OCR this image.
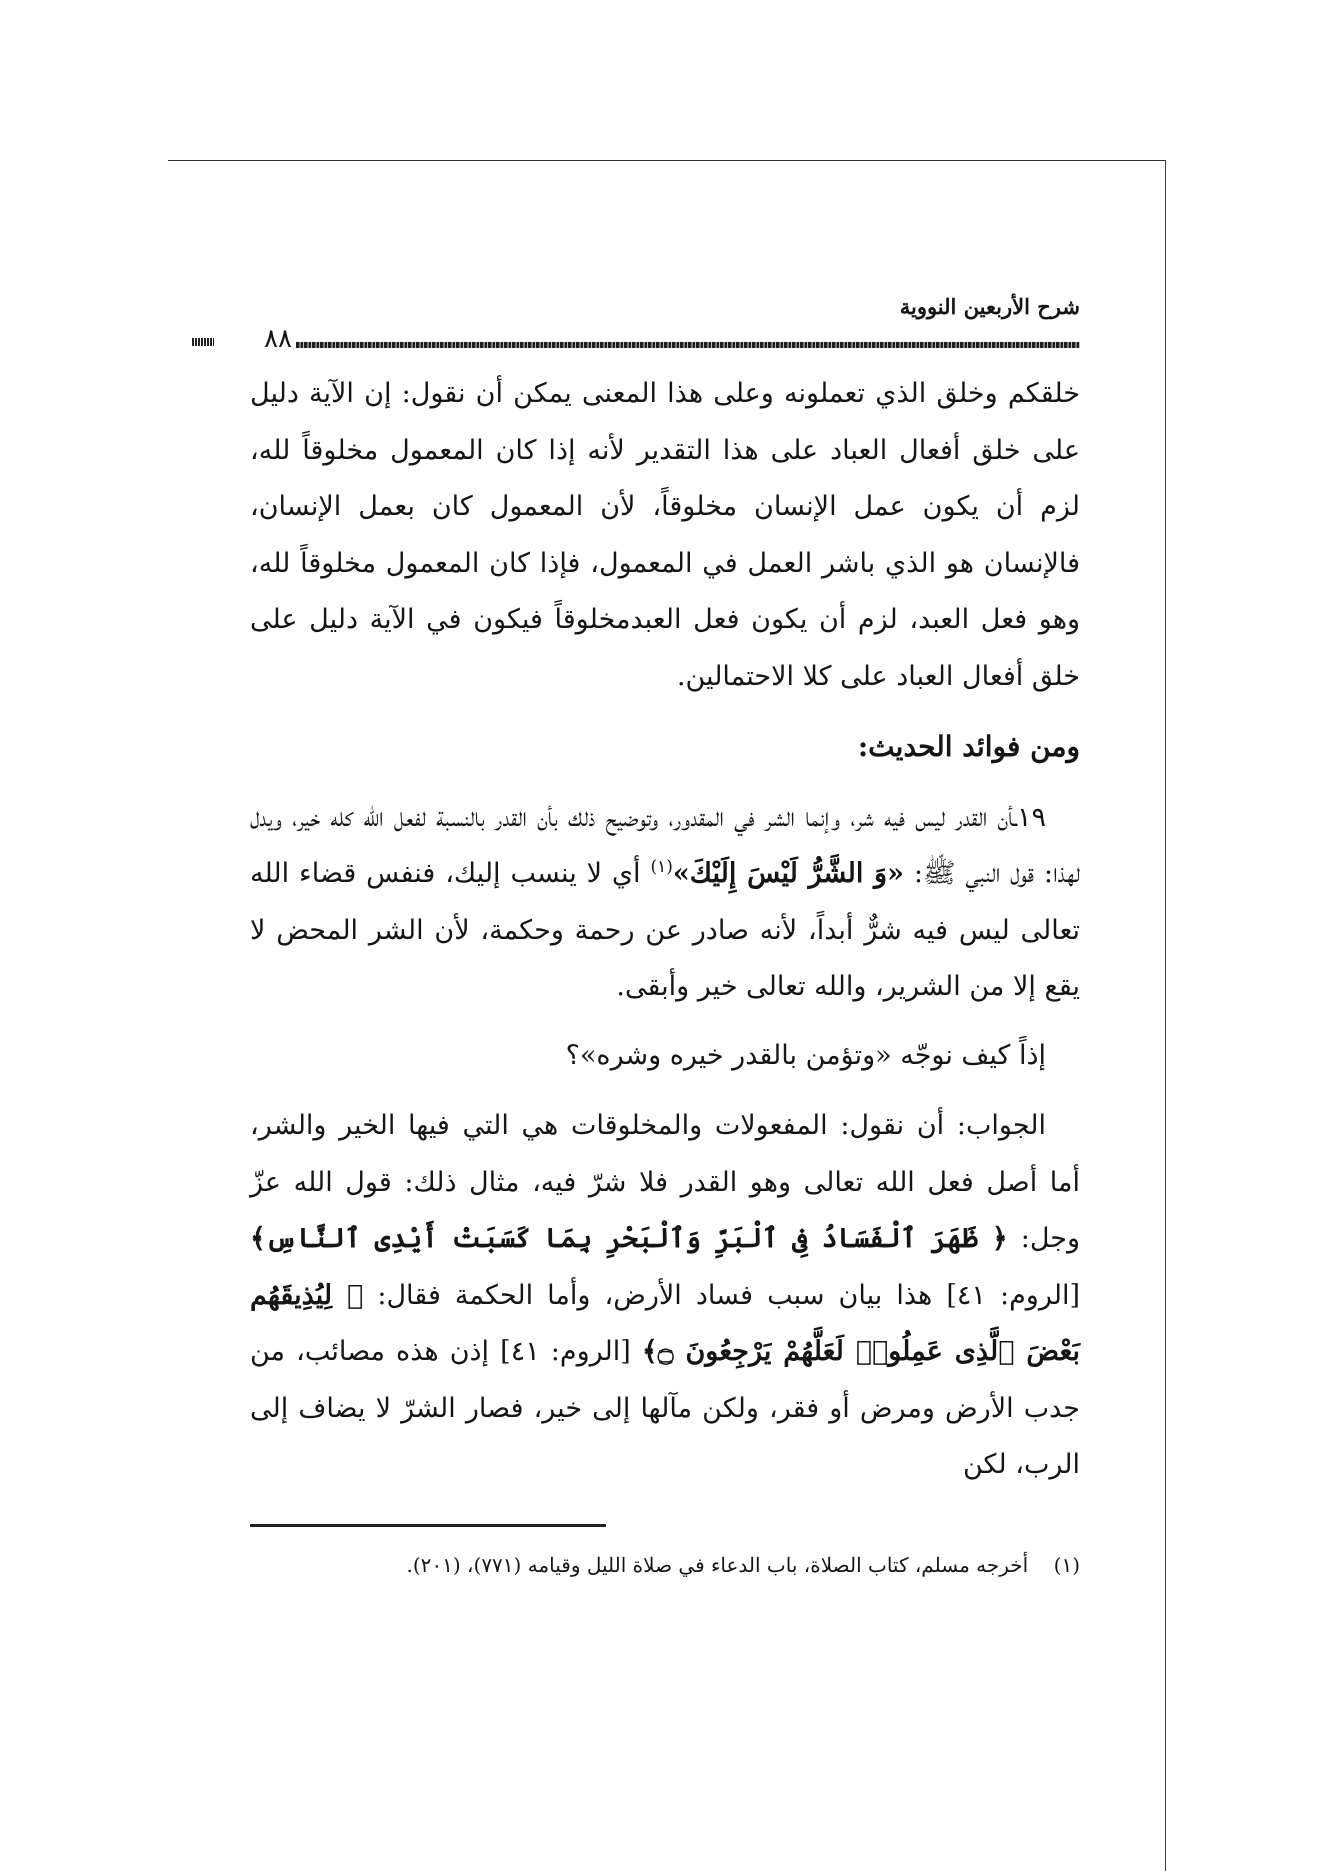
شرح الأربعين النووية
٨٨

خلقكم وخلق الذي تعملونه وعلى هذا المعنى يمكن أن نقول: إن الآية دليل على خلق أفعال العباد على هذا التقدير لأنه إذا كان المعمول مخلوقاً لله، لزم أن يكون عمل الإنسان مخلوقاً، لأن المعمول كان بعمل الإنسان، فالإنسان هو الذي باشر العمل في المعمول، فإذا كان المعمول مخلوقاً لله، وهو فعل العبد، لزم أن يكون فعل العبدمخلوقاً فيكون في الآية دليل على خلق أفعال العباد على كلا الاحتمالين.

ومن فوائد الحديث:

١٩ـأن القدر ليس فيه شر، وإنما الشر في المقدور، وتوضيح ذلك بأن القدر بالنسبة لفعل الله كله خير، ويدل لهذا: قول النبي ﷺ: «وَ الشَّرُّ لَيْسَ إِلَيْكَ»$^{(١)}$ أي لا ينسب إليك، فنفس قضاء الله تعالى ليس فيه شرٌّ أبداً، لأنه صادر عن رحمة وحكمة، لأن الشر المحض لا يقع إلا من الشرير، والله تعالى خير وأبقى.

إذاً كيف نوجّه «وتؤمن بالقدر خيره وشره»؟

الجواب: أن نقول: المفعولات والمخلوقات هي التي فيها الخير والشر، أما أصل فعل الله تعالى وهو القدر فلا شرّ فيه، مثال ذلك: قول الله عزّ وجل: ﴿ ظَهَرَ ٱلْفَسَادُ فِى ٱلْبَرِّ وَٱلْبَحْرِ بِمَا كَسَبَتْ أَيْدِى ٱلنَّاسِ﴾ [الروم: ٤١] هذا بيان سبب فساد الأرض، وأما الحكمة فقال: ﴿ لِيُذِيقَهُم بَعْضَ ٱلَّذِى عَمِلُوا۟ لَعَلَّهُمْ يَرْجِعُونَ ۝﴾ [الروم: ٤١] إذن هذه مصائب، من جدب الأرض ومرض أو فقر، ولكن مآلها إلى خير، فصار الشرّ لا يضاف إلى الرب، لكن

(١)    أخرجه مسلم، كتاب الصلاة، باب الدعاء في صلاة الليل وقيامه (٧٧١)، (٢٠١).
